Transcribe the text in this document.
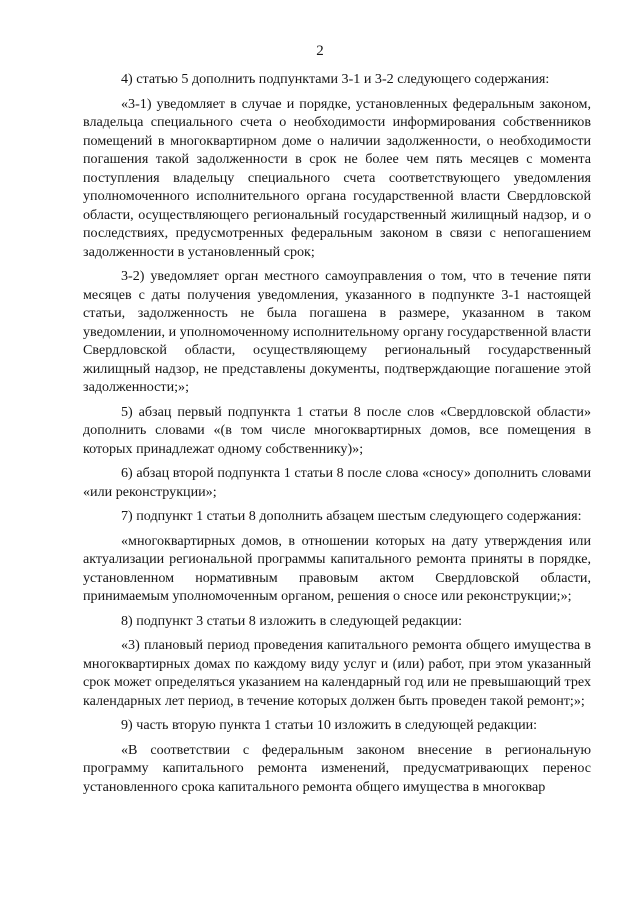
2

4) статью 5 дополнить подпунктами 3-1 и 3-2 следующего содержания:

«3-1) уведомляет в случае и порядке, установленных федеральным законом, владельца специального счета о необходимости информирования собственников помещений в многоквартирном доме о наличии задолженности, о необходимости погашения такой задолженности в срок не более чем пять месяцев с момента поступления владельцу специального счета соответствующего уведомления уполномоченного исполнительного органа государственной власти Свердловской области, осуществляющего региональный государственный жилищный надзор, и о последствиях, предусмотренных федеральным законом в связи с непогашением задолженности в установленный срок;

3-2) уведомляет орган местного самоуправления о том, что в течение пяти месяцев с даты получения уведомления, указанного в подпункте 3-1 настоящей статьи, задолженность не была погашена в размере, указанном в таком уведомлении, и уполномоченному исполнительному органу государственной власти Свердловской области, осуществляющему региональный государственный жилищный надзор, не представлены документы, подтверждающие погашение этой задолженности;»;

5) абзац первый подпункта 1 статьи 8 после слов «Свердловской области» дополнить словами «(в том числе многоквартирных домов, все помещения в которых принадлежат одному собственнику)»;

6) абзац второй подпункта 1 статьи 8 после слова «сносу» дополнить словами «или реконструкции»;

7) подпункт 1 статьи 8 дополнить абзацем шестым следующего содержания:

«многоквартирных домов, в отношении которых на дату утверждения или актуализации региональной программы капитального ремонта приняты в порядке, установленном нормативным правовым актом Свердловской области, принимаемым уполномоченным органом, решения о сносе или реконструкции;»;

8) подпункт 3 статьи 8 изложить в следующей редакции:

«3) плановый период проведения капитального ремонта общего имущества в многоквартирных домах по каждому виду услуг и (или) работ, при этом указанный срок может определяться указанием на календарный год или не превышающий трех календарных лет период, в течение которых должен быть проведен такой ремонт;»;

9) часть вторую пункта 1 статьи 10 изложить в следующей редакции:

«В соответствии с федеральным законом внесение в региональную программу капитального ремонта изменений, предусматривающих перенос установленного срока капитального ремонта общего имущества в многоквар
